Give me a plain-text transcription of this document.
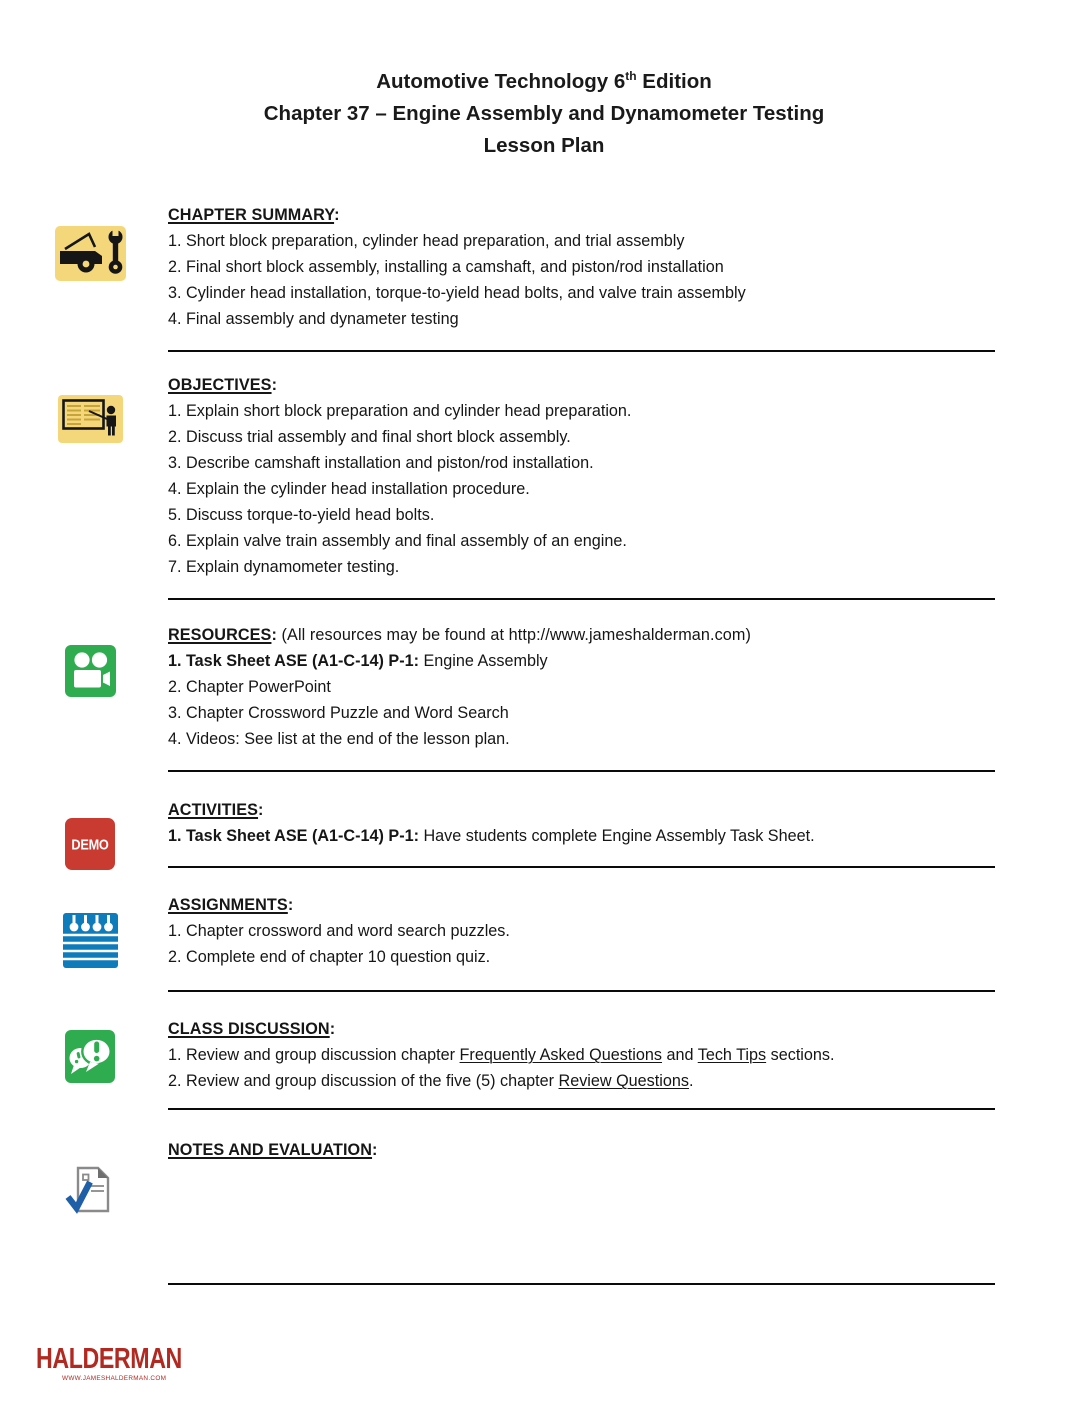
Automotive Technology 6th Edition
Chapter 37 – Engine Assembly and Dynamometer Testing
Lesson Plan
CHAPTER SUMMARY:
1. Short block preparation, cylinder head preparation, and trial assembly
2. Final short block assembly, installing a camshaft, and piston/rod installation
3. Cylinder head installation, torque-to-yield head bolts, and valve train assembly
4. Final assembly and dynameter testing
OBJECTIVES:
1. Explain short block preparation and cylinder head preparation.
2. Discuss trial assembly and final short block assembly.
3. Describe camshaft installation and piston/rod installation.
4. Explain the cylinder head installation procedure.
5. Discuss torque-to-yield head bolts.
6. Explain valve train assembly and final assembly of an engine.
7. Explain dynamometer testing.
RESOURCES: (All resources may be found at http://www.jameshalderman.com)
1. Task Sheet ASE (A1-C-14) P-1: Engine Assembly
2. Chapter PowerPoint
3. Chapter Crossword Puzzle and Word Search
4. Videos: See list at the end of the lesson plan.
DEMO
ACTIVITIES:
1. Task Sheet ASE (A1-C-14) P-1: Have students complete Engine Assembly Task Sheet.
ASSIGNMENTS:
1. Chapter crossword and word search puzzles.
2. Complete end of chapter 10 question quiz.
CLASS DISCUSSION:
1. Review and group discussion chapter Frequently Asked Questions and Tech Tips sections.
2. Review and group discussion of the five (5) chapter Review Questions.
NOTES AND EVALUATION:
HALDERMAN
WWW.JAMESHALDERMAN.COM
